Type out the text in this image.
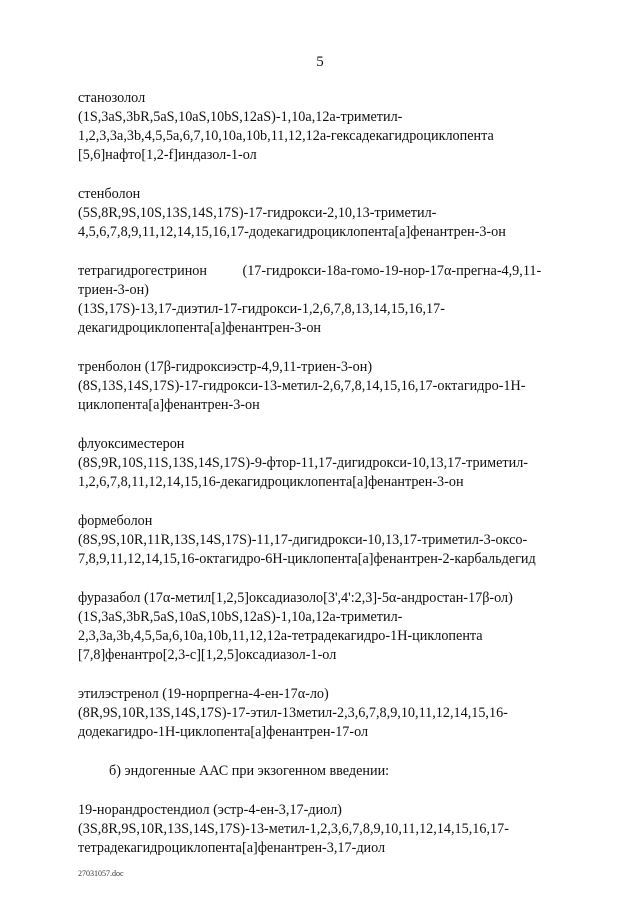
5
станозолол
(1S,3aS,3bR,5aS,10aS,10bS,12aS)-1,10a,12a-триметил-
1,2,3,3a,3b,4,5,5a,6,7,10,10a,10b,11,12,12a-гексадекагидроциклопента
[5,6]нафто[1,2-f]индазол-1-ол
стенболон
(5S,8R,9S,10S,13S,14S,17S)-17-гидрокси-2,10,13-триметил-
4,5,6,7,8,9,11,12,14,15,16,17-додекагидроциклопента[a]фенантрен-3-он
тетрагидрогестринон          (17-гидрокси-18а-гомо-19-нор-17α-прегна-4,9,11-
триен-3-он)
(13S,17S)-13,17-диэтил-17-гидрокси-1,2,6,7,8,13,14,15,16,17-
декагидроциклопента[a]фенантрен-3-он
тренболон (17β-гидроксиэстр-4,9,11-триен-3-он)
(8S,13S,14S,17S)-17-гидрокси-13-метил-2,6,7,8,14,15,16,17-октагидро-1H-
циклопента[a]фенантрен-3-он
флуоксиместерон
(8S,9R,10S,11S,13S,14S,17S)-9-фтор-11,17-дигидрокси-10,13,17-триметил-
1,2,6,7,8,11,12,14,15,16-декагидроциклопента[a]фенантрен-3-он
формеболон
(8S,9S,10R,11R,13S,14S,17S)-11,17-дигидрокси-10,13,17-триметил-3-оксо-
7,8,9,11,12,14,15,16-октагидро-6H-циклопента[a]фенантрен-2-карбальдегид
фуразабол (17α-метил[1,2,5]оксадиазоло[3',4':2,3]-5α-андростан-17β-ол)
(1S,3aS,3bR,5aS,10aS,10bS,12aS)-1,10a,12a-триметил-
2,3,3a,3b,4,5,5a,6,10a,10b,11,12,12a-тетрадекагидро-1H-циклопента
[7,8]фенантро[2,3-c][1,2,5]оксадиазол-1-ол
этилэстренол (19-норпрегна-4-ен-17α-ло)
(8R,9S,10R,13S,14S,17S)-17-этил-13метил-2,3,6,7,8,9,10,11,12,14,15,16-
додекагидро-1H-циклопента[a]фенантрен-17-ол
б) эндогенные ААС при экзогенном введении:
19-норандростендиол (эстр-4-ен-3,17-диол)
(3S,8R,9S,10R,13S,14S,17S)-13-метил-1,2,3,6,7,8,9,10,11,12,14,15,16,17-
тетрадекагидроциклопента[a]фенантрен-3,17-диол
27031057.doc
